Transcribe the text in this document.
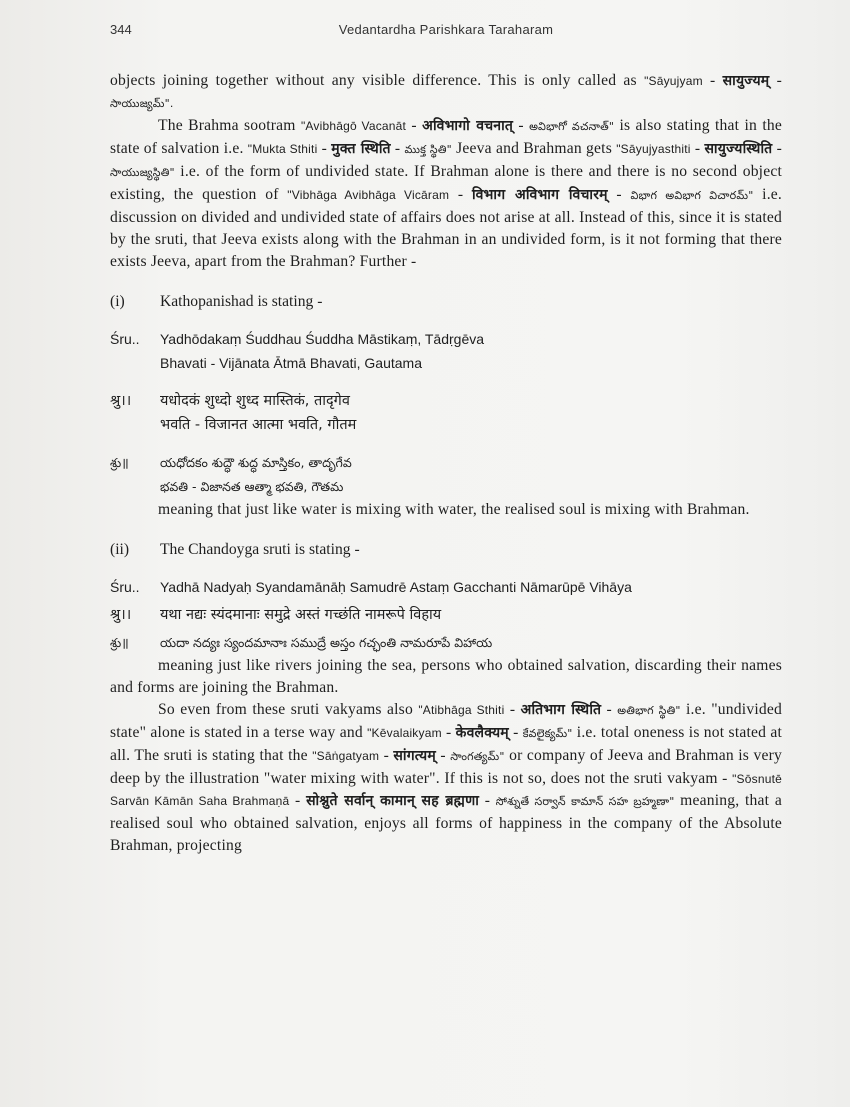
344	Vedantardha Parishkara Taraharam

objects joining together without any visible difference. This is only called as "Sāyujyam - सायुज्यम् - సాయుజ్యమ్".

The Brahma sootram "Avibhāgō Vacanāt - अविभागो वचनात् - అవిభాగో వచనాత్" is also stating that in the state of salvation i.e. "Mukta Sthiti - मुक्त स्थिति - ముక్త స్థితి" Jeeva and Brahman gets "Sāyujyasthiti - सायुज्यस्थिति - సాయుజ్యస్థితి" i.e. of the form of undivided state. If Brahman alone is there and there is no second object existing, the question of "Vibhāga Avibhāga Vicāram - विभाग अविभाग विचारम् - విభాగ అవిభాగ విచారమ్" i.e. discussion on divided and undivided state of affairs does not arise at all. Instead of this, since it is stated by the sruti, that Jeeva exists along with the Brahman in an undivided form, is it not forming that there exists Jeeva, apart from the Brahman? Further -

(i)	Kathopanishad is stating -
Śru..	Yadhōdakaṃ Śuddhau Śuddha Māstikaṃ, Tādṛgēva
Bhavati - Vijānata Ātmā Bhavati, Gautama
श्रु।।	यधोदकं शुध्दो शुध्द मास्तिकं, तादृगेव
भवति - विजानत आत्मा भवति, गौतम
శ్రు॥	యధోదకం శుద్ధౌ శుద్ధ మాస్తికం, తాదృగేవ
భవతి - విజానత ఆత్మా భవతి, గౌతమ

meaning that just like water is mixing with water, the realised soul is mixing with Brahman.

(ii)	The Chandoyga sruti is stating -
Śru..	Yadhā Nadyaḥ Syandamānāḥ Samudrē Astaṃ Gacchanti Nāmarūpē Vihāya
श्रु।।	यथा नद्यः स्यंदमानाः समुद्रे अस्तं गच्छंति नामरूपे विहाय
శ్రు॥	యదా నద్యః స్యందమానాః సముద్రే అస్తం గచ్ఛంతి నామరూపే విహాయ

meaning just like rivers joining the sea, persons who obtained salvation, discarding their names and forms are joining the Brahman.

So even from these sruti vakyams also "Atibhāga Sthiti - अतिभाग स्थिति - అతిభాగ స్థితి" i.e. "undivided state" alone is stated in a terse way and "Kēvalaikyam - केवलैक्यम् - కేవలైక్యమ్" i.e. total oneness is not stated at all. The sruti is stating that the "Sāṅgatyam - सांगत्यम् - సాంగత్యమ్" or company of Jeeva and Brahman is very deep by the illustration "water mixing with water". If this is not so, does not the sruti vakyam - "Sōsnutē Sarvān Kāmān Saha Brahmaṇā - सोश्नुते सर्वान् कामान् सह ब्रह्मणा - సోశ్నుతే సర్వాన్ కామాన్ సహ బ్రహ్మణా" meaning, that a realised soul who obtained salvation, enjoys all forms of happiness in the company of the Absolute Brahman, projecting
